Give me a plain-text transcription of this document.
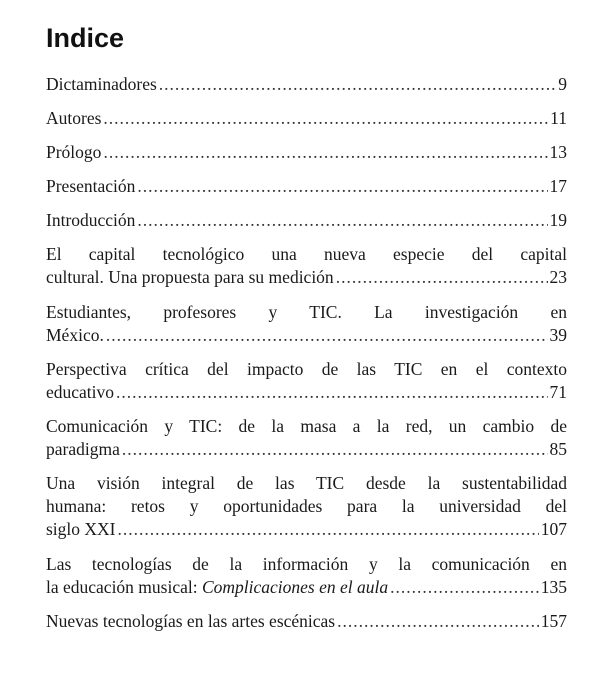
Indice
Dictaminadores .....	9
Autores .....	11
Prólogo .....	13
Presentación .....	17
Introducción .....	19
El capital tecnológico una nueva especie del capital
cultural. Una propuesta para su medición .....	23
Estudiantes, profesores y TIC. La investigación en
México. .....	39
Perspectiva crítica del impacto de las TIC en el contexto
educativo .....	71
Comunicación y TIC: de la masa a la red, un cambio de
paradigma .....	85
Una visión integral de las TIC desde la sustentabilidad
humana: retos y oportunidades para la universidad del
siglo XXI .....	107
Las tecnologías de la información y la comunicación en
la educación musical: Complicaciones en el aula .....	135
Nuevas tecnologías en las artes escénicas .....	157
